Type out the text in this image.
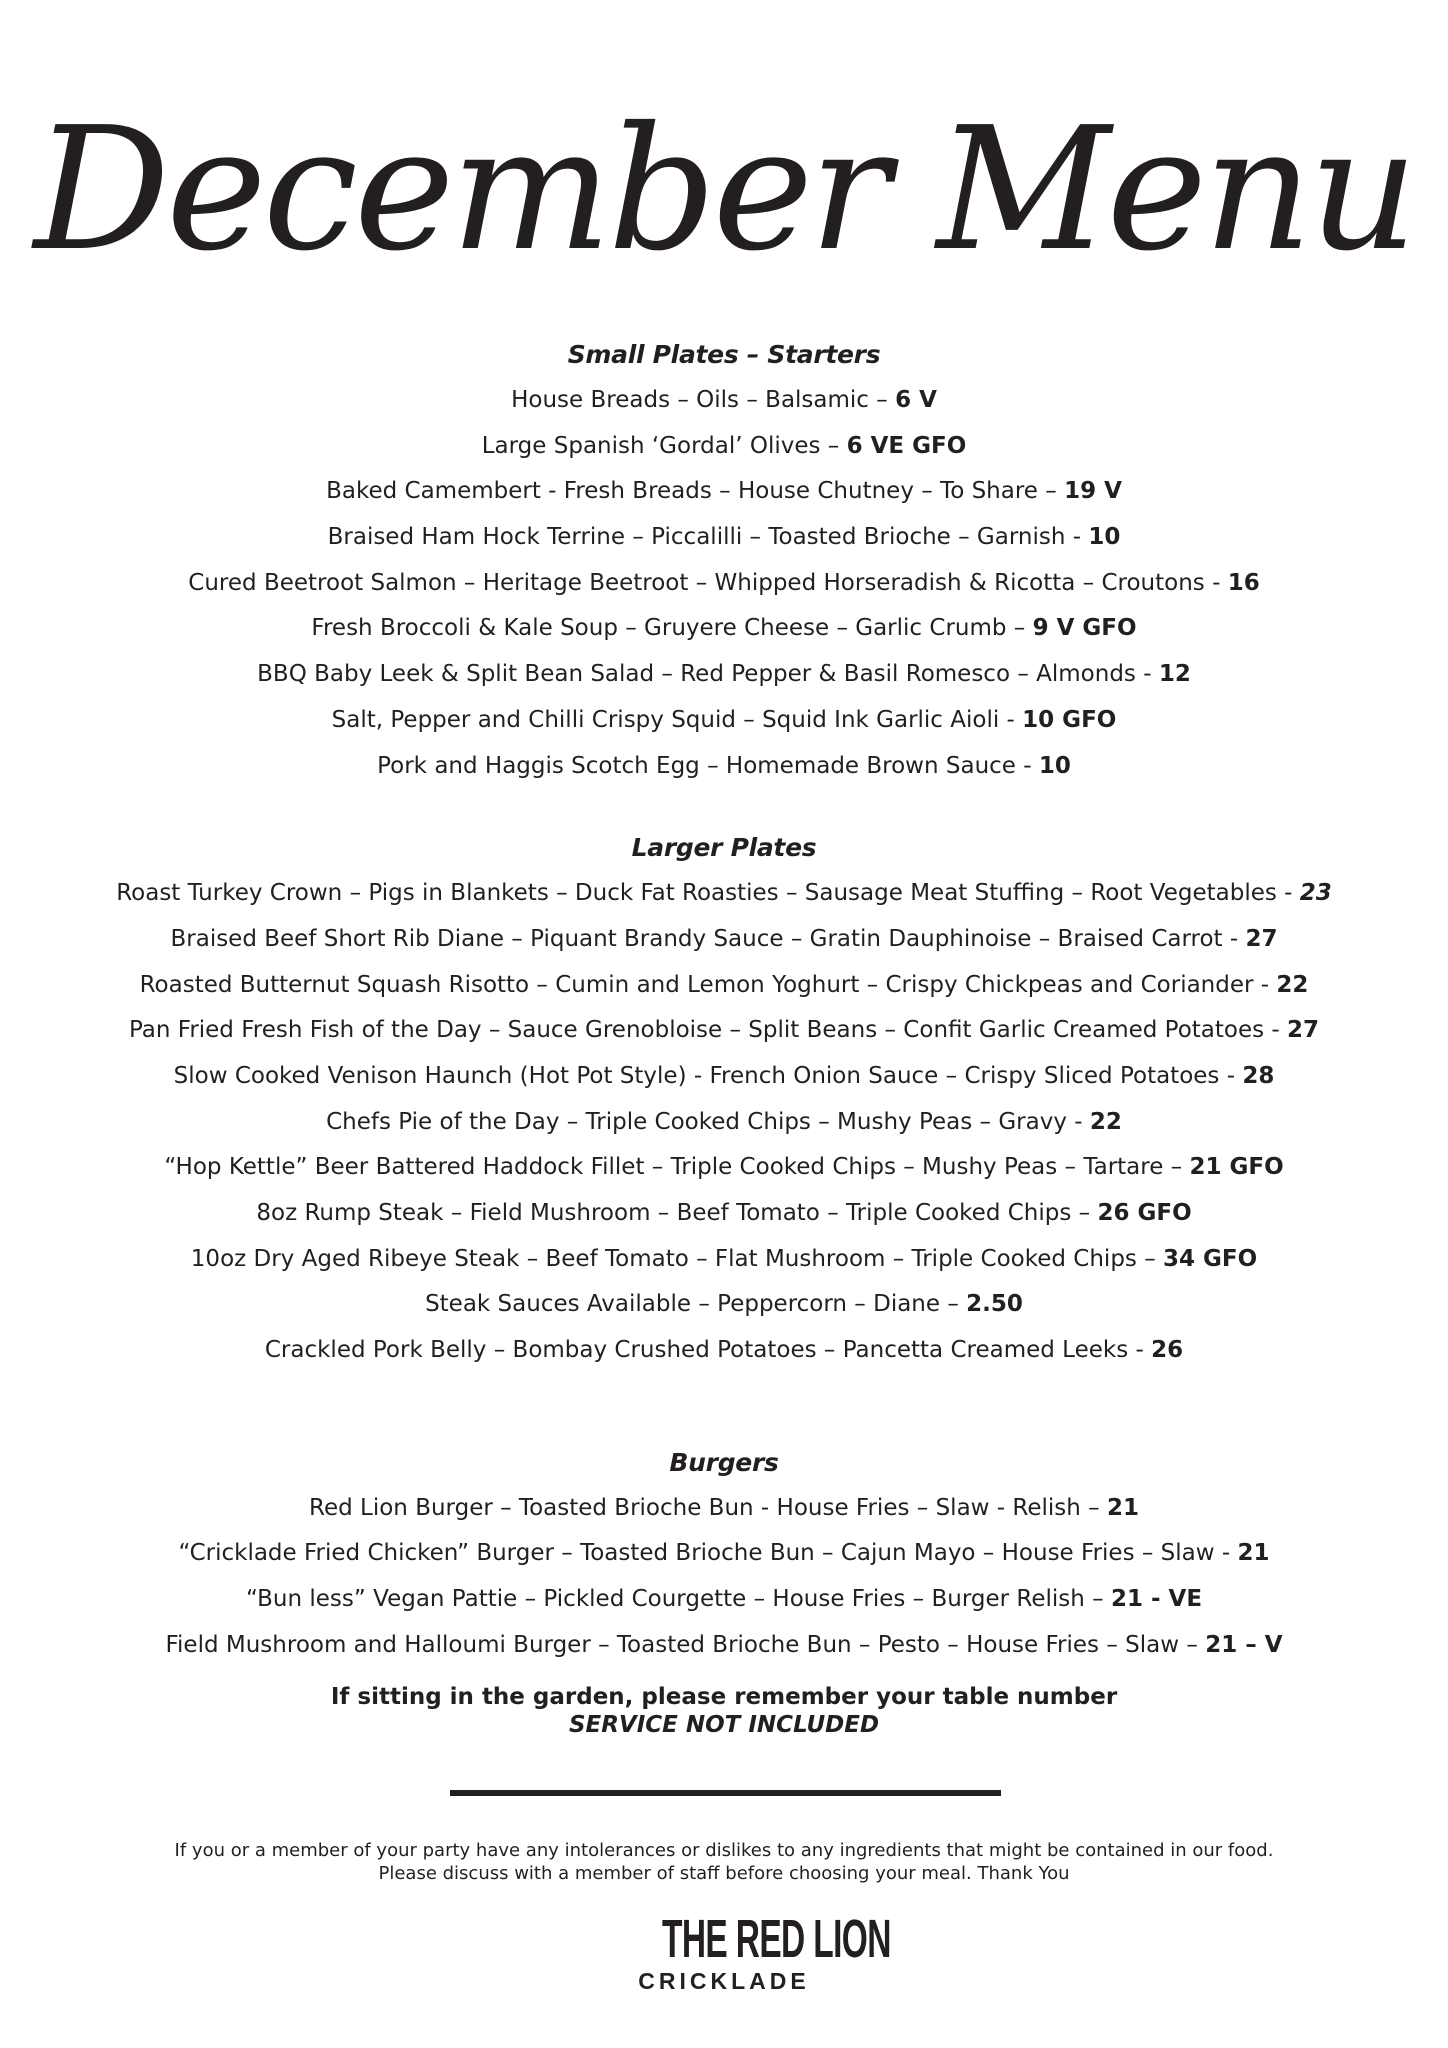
December Menu
Small Plates – Starters
House Breads – Oils – Balsamic – 6 V
Large Spanish ‘Gordal’ Olives – 6 VE GFO
Baked Camembert - Fresh Breads – House Chutney – To Share – 19 V
Braised Ham Hock Terrine – Piccalilli – Toasted Brioche – Garnish - 10
Cured Beetroot Salmon – Heritage Beetroot – Whipped Horseradish & Ricotta – Croutons - 16
Fresh Broccoli & Kale Soup – Gruyere Cheese – Garlic Crumb – 9 V GFO
BBQ Baby Leek & Split Bean Salad – Red Pepper & Basil Romesco – Almonds - 12
Salt, Pepper and Chilli Crispy Squid – Squid Ink Garlic Aioli - 10 GFO
Pork and Haggis Scotch Egg – Homemade Brown Sauce - 10
Larger Plates
Roast Turkey Crown – Pigs in Blankets – Duck Fat Roasties – Sausage Meat Stuffing – Root Vegetables - 23
Braised Beef Short Rib Diane – Piquant Brandy Sauce – Gratin Dauphinoise – Braised Carrot - 27
Roasted Butternut Squash Risotto – Cumin and Lemon Yoghurt – Crispy Chickpeas and Coriander - 22
Pan Fried Fresh Fish of the Day – Sauce Grenobloise – Split Beans – Confit Garlic Creamed Potatoes - 27
Slow Cooked Venison Haunch (Hot Pot Style) - French Onion Sauce – Crispy Sliced Potatoes - 28
Chefs Pie of the Day – Triple Cooked Chips – Mushy Peas – Gravy - 22
“Hop Kettle” Beer Battered Haddock Fillet – Triple Cooked Chips – Mushy Peas – Tartare – 21 GFO
8oz Rump Steak – Field Mushroom – Beef Tomato – Triple Cooked Chips – 26 GFO
10oz Dry Aged Ribeye Steak – Beef Tomato – Flat Mushroom – Triple Cooked Chips – 34 GFO
Steak Sauces Available – Peppercorn – Diane – 2.50
Crackled Pork Belly – Bombay Crushed Potatoes – Pancetta Creamed Leeks - 26
Burgers
Red Lion Burger – Toasted Brioche Bun - House Fries – Slaw - Relish – 21
“Cricklade Fried Chicken” Burger – Toasted Brioche Bun – Cajun Mayo – House Fries – Slaw - 21
“Bun less” Vegan Pattie – Pickled Courgette – House Fries – Burger Relish – 21 - VE
Field Mushroom and Halloumi Burger – Toasted Brioche Bun – Pesto – House Fries – Slaw – 21 – V
If sitting in the garden, please remember your table number
SERVICE NOT INCLUDED
If you or a member of your party have any intolerances or dislikes to any ingredients that might be contained in our food.
Please discuss with a member of staff before choosing your meal. Thank You
THE RED LION
CRICKLADE
